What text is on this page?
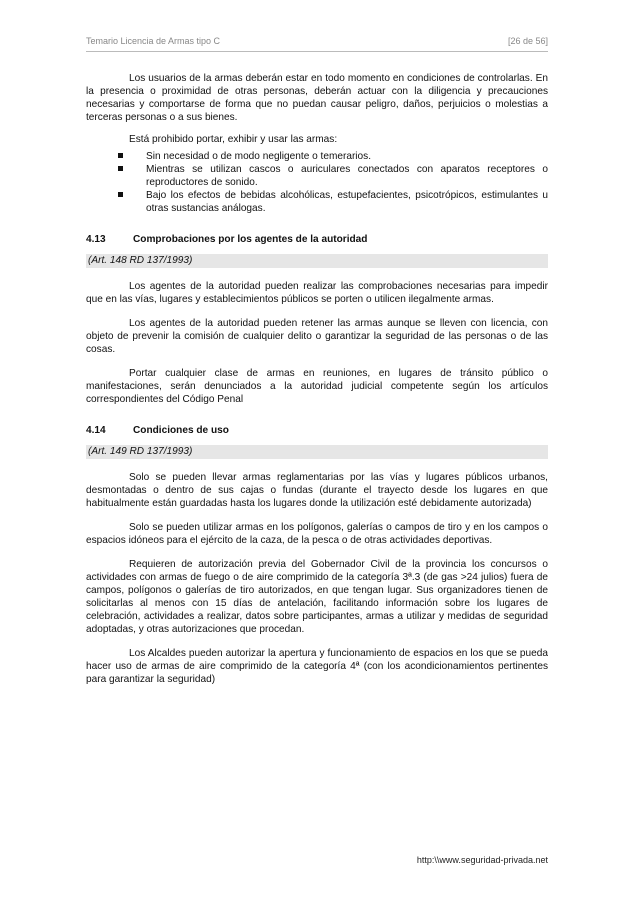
Temario Licencia de Armas tipo C	[26 de 56]

Los usuarios de la armas deberán estar en todo momento en condiciones de controlarlas. En la presencia o proximidad de otras personas, deberán actuar con la diligencia y precauciones necesarias y comportarse de forma que no puedan causar peligro, daños, perjuicios o molestias a terceras personas o a sus bienes.

Está prohibido portar, exhibir y usar las armas:

Sin necesidad o de modo negligente o temerarios.
Mientras se utilizan cascos o auriculares conectados con aparatos receptores o reproductores de sonido.
Bajo los efectos de bebidas alcohólicas, estupefacientes, psicotrópicos, estimulantes u otras sustancias análogas.
4.13	Comprobaciones por los agentes de la autoridad
(Art. 148 RD 137/1993)

Los agentes de la autoridad pueden realizar las comprobaciones necesarias para impedir que en las vías, lugares y establecimientos públicos se porten o utilicen ilegalmente armas.

Los agentes de la autoridad pueden retener las armas aunque se lleven con licencia, con objeto de prevenir la comisión de cualquier delito o garantizar la seguridad de las personas o de las cosas.

Portar cualquier clase de armas en reuniones, en lugares de tránsito público o manifestaciones, serán denunciados a la autoridad judicial competente según los artículos correspondientes del Código Penal

4.14	Condiciones de uso
(Art. 149 RD 137/1993)

Solo se pueden llevar armas reglamentarias por las vías y lugares públicos urbanos, desmontadas o dentro de sus cajas o fundas (durante el trayecto desde los lugares en que habitualmente están guardadas hasta los lugares donde la utilización esté debidamente autorizada)

Solo se pueden utilizar armas en los polígonos, galerías o campos de tiro y en los campos o espacios idóneos para el ejército de la caza, de la pesca o de otras actividades deportivas.

Requieren de autorización previa del Gobernador Civil de la provincia los concursos o actividades con armas de fuego o de aire comprimido de la categoría 3ª.3 (de gas >24 julios) fuera de campos, polígonos o galerías de tiro autorizados, en que tengan lugar. Sus organizadores tienen de solicitarlas al menos con 15 días de antelación, facilitando información sobre los lugares de celebración, actividades a realizar, datos sobre participantes, armas a utilizar y medidas de seguridad adoptadas, y otras autorizaciones que procedan.

Los Alcaldes pueden autorizar la apertura y funcionamiento de espacios en los que se pueda hacer uso de armas de aire comprimido de la categoría 4ª (con los acondicionamientos pertinentes para garantizar la seguridad)

http:\\www.seguridad-privada.net
